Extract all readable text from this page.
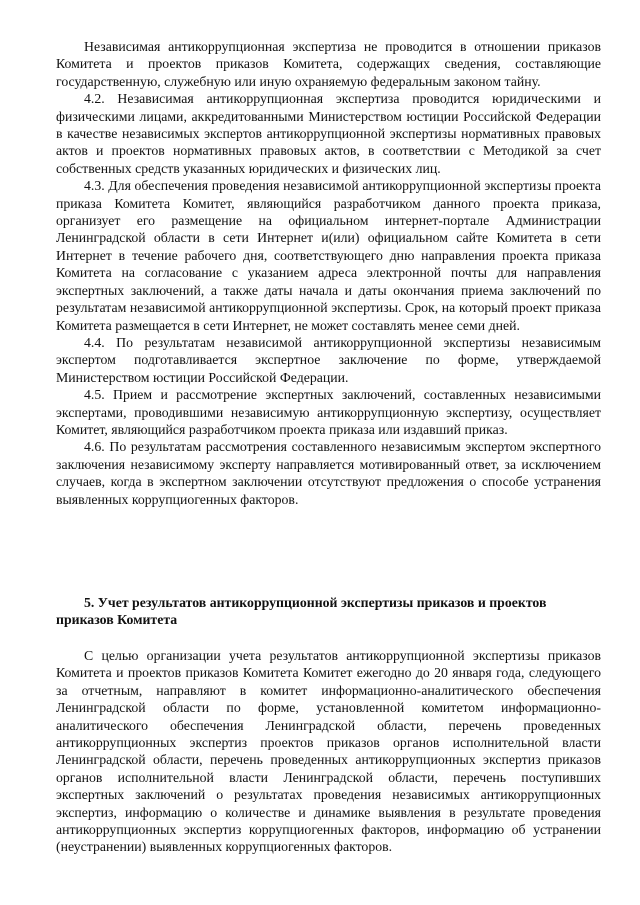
Независимая антикоррупционная экспертиза не проводится в отношении приказов Комитета и проектов приказов Комитета, содержащих сведения, составляющие государственную, служебную или иную охраняемую федеральным законом тайну.

4.2. Независимая антикоррупционная экспертиза проводится юридическими и физическими лицами, аккредитованными Министерством юстиции Российской Федерации в качестве независимых экспертов антикоррупционной экспертизы нормативных правовых актов и проектов нормативных правовых актов, в соответствии с Методикой за счет собственных средств указанных юридических и физических лиц.

4.3. Для обеспечения проведения независимой антикоррупционной экспертизы проекта приказа Комитета Комитет, являющийся разработчиком данного проекта приказа, организует его размещение на официальном интернет-портале Администрации Ленинградской области в сети Интернет и(или) официальном сайте Комитета в сети Интернет в течение рабочего дня, соответствующего дню направления проекта приказа Комитета на согласование с указанием адреса электронной почты для направления экспертных заключений, а также даты начала и даты окончания приема заключений по результатам независимой антикоррупционной экспертизы. Срок, на который проект приказа Комитета размещается в сети Интернет, не может составлять менее семи дней.

4.4. По результатам независимой антикоррупционной экспертизы независимым экспертом подготавливается экспертное заключение по форме, утверждаемой Министерством юстиции Российской Федерации.

4.5. Прием и рассмотрение экспертных заключений, составленных независимыми экспертами, проводившими независимую антикоррупционную экспертизу, осуществляет Комитет, являющийся разработчиком проекта приказа или издавший приказ.

4.6. По результатам рассмотрения составленного независимым экспертом экспертного заключения независимому эксперту направляется мотивированный ответ, за исключением случаев, когда в экспертном заключении отсутствуют предложения о способе устранения выявленных коррупциогенных факторов.

5. Учет результатов антикоррупционной экспертизы приказов и проектов приказов Комитета

С целью организации учета результатов антикоррупционной экспертизы приказов Комитета и проектов приказов Комитета Комитет ежегодно до 20 января года, следующего за отчетным, направляют в комитет информационно-аналитического обеспечения Ленинградской области по форме, установленной комитетом информационно-аналитического обеспечения Ленинградской области, перечень проведенных антикоррупционных экспертиз проектов приказов органов исполнительной власти Ленинградской области, перечень проведенных антикоррупционных экспертиз приказов органов исполнительной власти Ленинградской области, перечень поступивших экспертных заключений о результатах проведения независимых антикоррупционных экспертиз, информацию о количестве и динамике выявления в результате проведения антикоррупционных экспертиз коррупциогенных факторов, информацию об устранении (неустранении) выявленных коррупциогенных факторов.
